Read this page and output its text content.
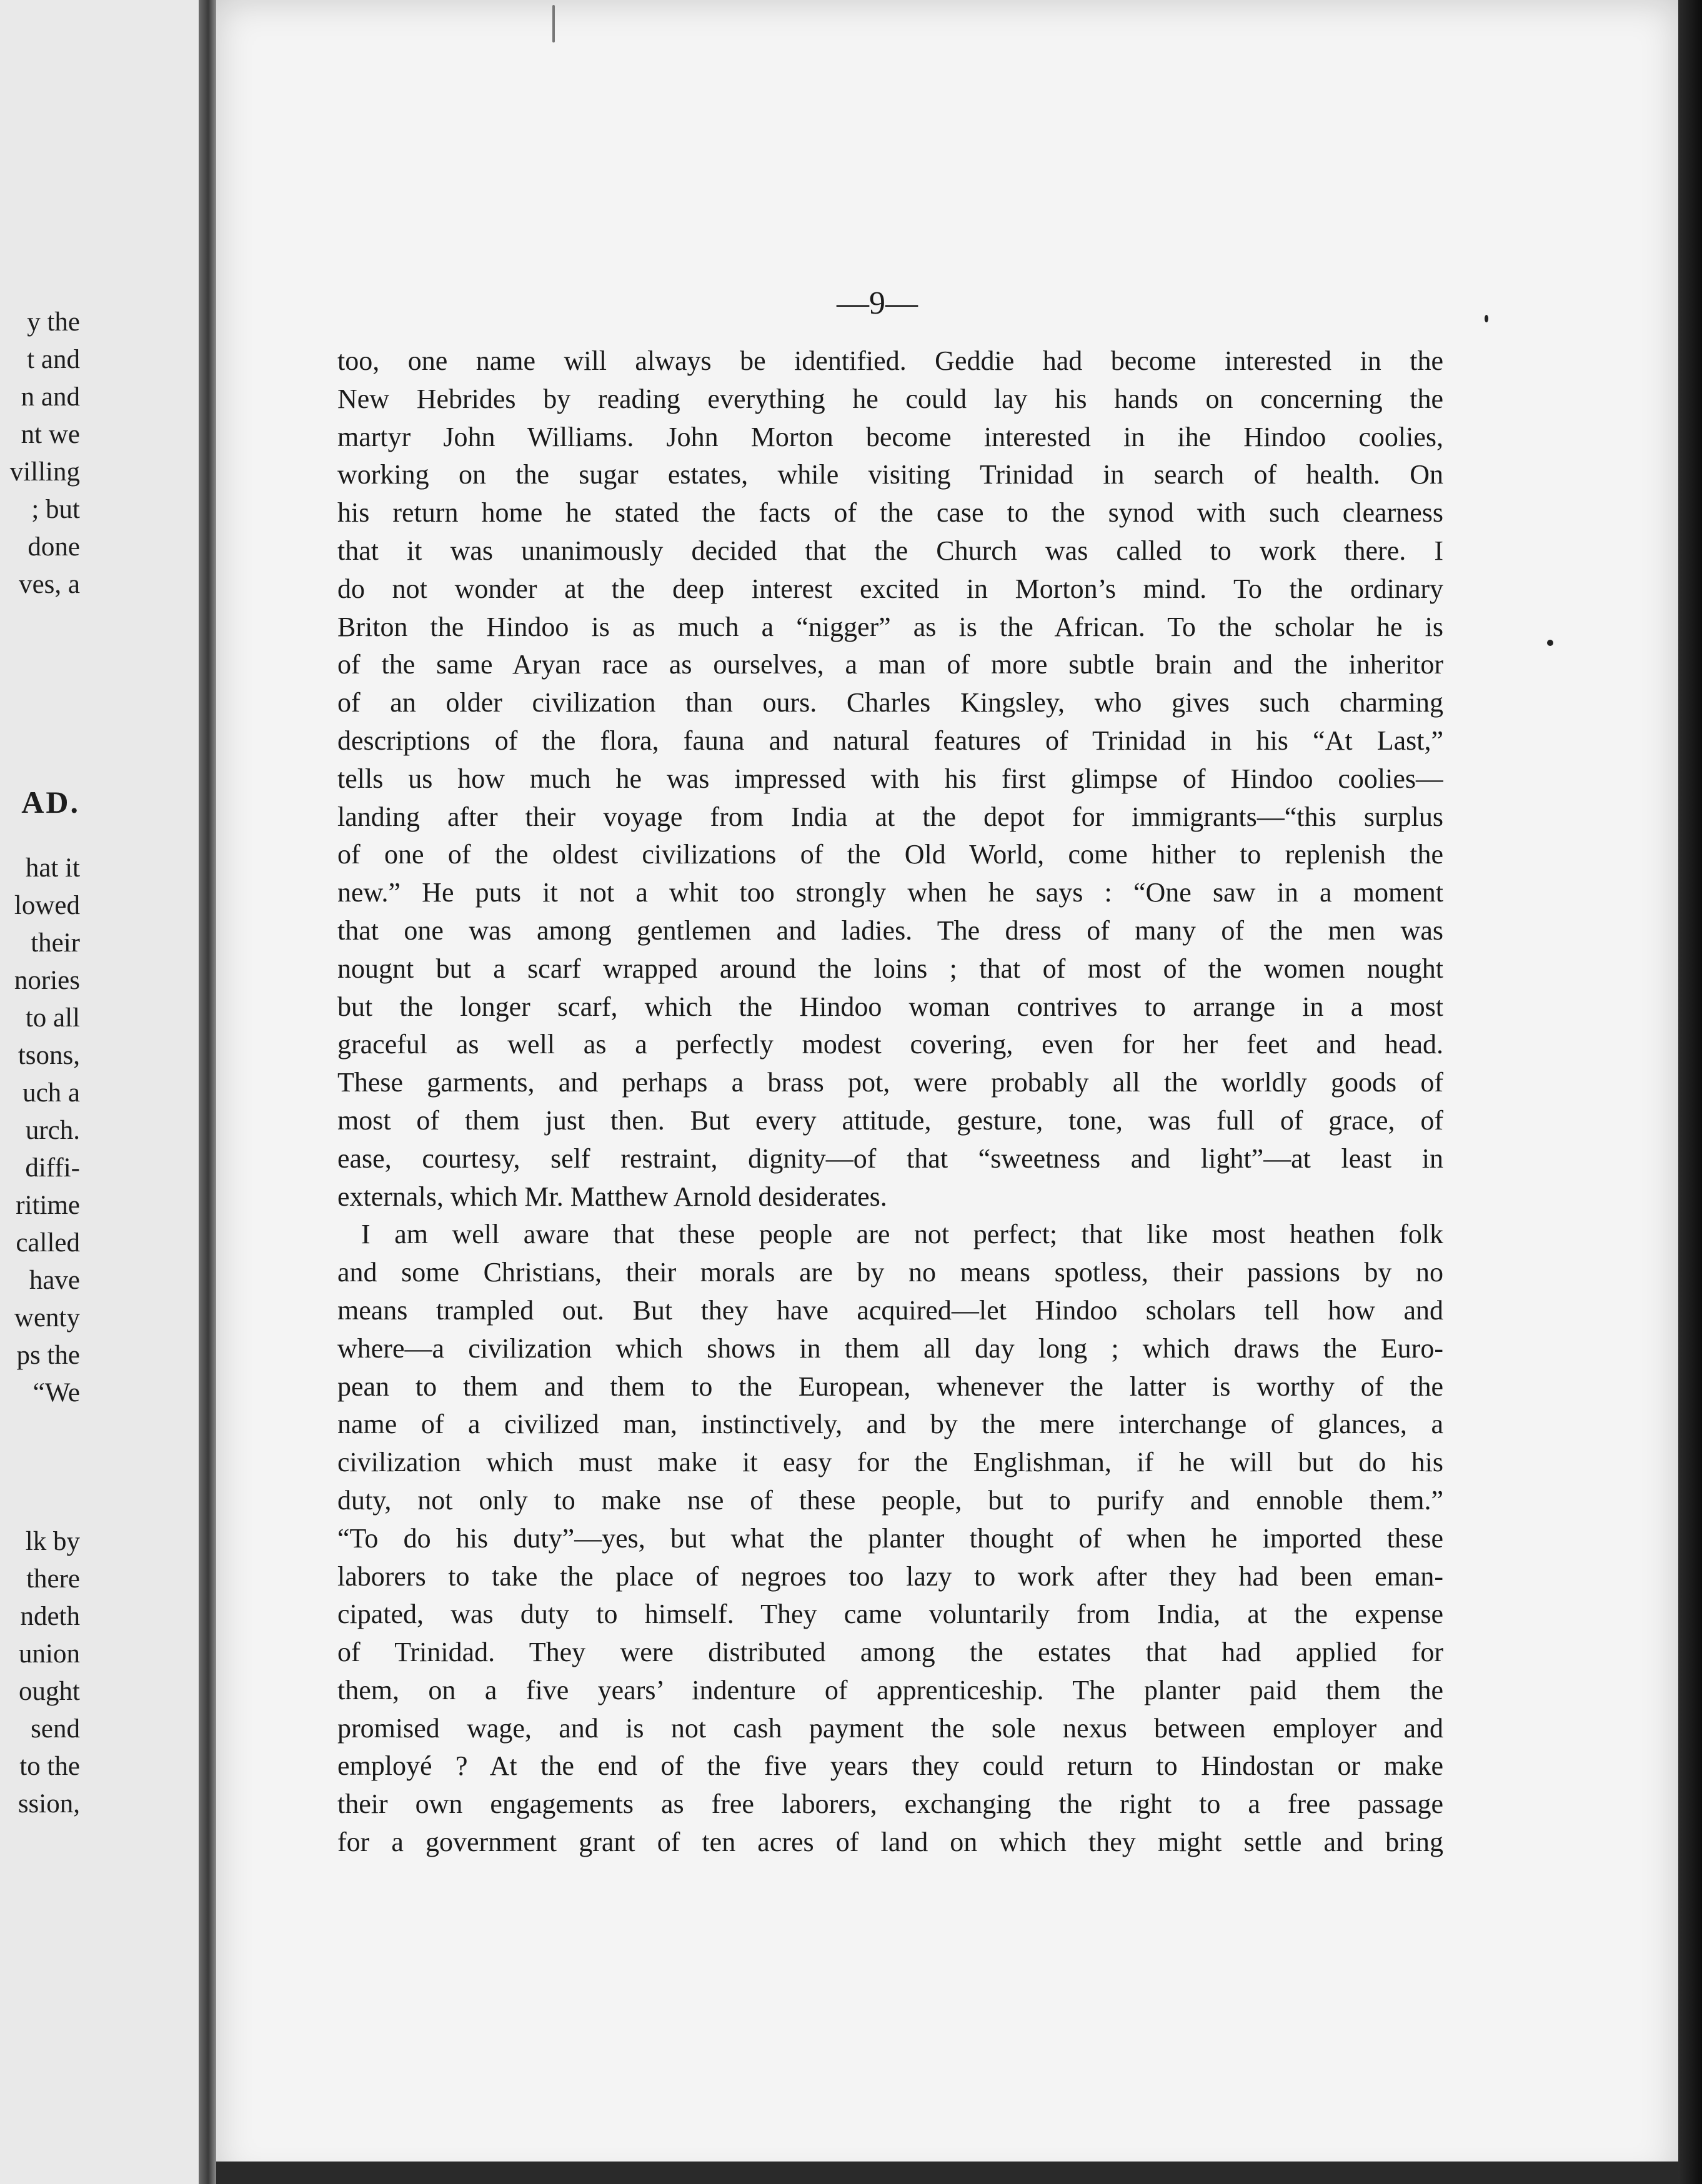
y the
t and
n and
nt we
villing
; but
done
ves, a
AD.
hat it
lowed
their
nories
to all
tsons,
uch a
urch.
diffi-
ritime
called
have
wenty
ps the
“We
lk by
there
ndeth
union
ought
send
to the
ssion,
—9—
too, one name will always be identified. Geddie had become interested in the
New Hebrides by reading everything he could lay his hands on concerning the
martyr John Williams. John Morton become interested in ihe Hindoo coolies,
working on the sugar estates, while visiting Trinidad in search of health. On
his return home he stated the facts of the case to the synod with such clearness
that it was unanimously decided that the Church was called to work there. I
do not wonder at the deep interest excited in Morton’s mind. To the ordinary
Briton the Hindoo is as much a “nigger” as is the African. To the scholar he is
of the same Aryan race as ourselves, a man of more subtle brain and the inheritor
of an older civilization than ours. Charles Kingsley, who gives such charming
descriptions of the flora, fauna and natural features of Trinidad in his “At Last,”
tells us how much he was impressed with his first glimpse of Hindoo coolies—
landing after their voyage from India at the depot for immigrants—“this surplus
of one of the oldest civilizations of the Old World, come hither to replenish the
new.” He puts it not a whit too strongly when he says : “One saw in a moment
that one was among gentlemen and ladies. The dress of many of the men was
nougnt but a scarf wrapped around the loins ; that of most of the women nought
but the longer scarf, which the Hindoo woman contrives to arrange in a most
graceful as well as a perfectly modest covering, even for her feet and head.
These garments, and perhaps a brass pot, were probably all the worldly goods of
most of them just then. But every attitude, gesture, tone, was full of grace, of
ease, courtesy, self restraint, dignity—of that “sweetness and light”—at least in
externals, which Mr. Matthew Arnold desiderates.
I am well aware that these people are not perfect; that like most heathen folk
and some Christians, their morals are by no means spotless, their passions by no
means trampled out. But they have acquired—let Hindoo scholars tell how and
where—a civilization which shows in them all day long ; which draws the Euro-
pean to them and them to the European, whenever the latter is worthy of the
name of a civilized man, instinctively, and by the mere interchange of glances, a
civilization which must make it easy for the Englishman, if he will but do his
duty, not only to make nse of these people, but to purify and ennoble them.”
“To do his duty”—yes, but what the planter thought of when he imported these
laborers to take the place of negroes too lazy to work after they had been eman-
cipated, was duty to himself. They came voluntarily from India, at the expense
of Trinidad. They were distributed among the estates that had applied for
them, on a five years’ indenture of apprenticeship. The planter paid them the
promised wage, and is not cash payment the sole nexus between employer and
employé ? At the end of the five years they could return to Hindostan or make
their own engagements as free laborers, exchanging the right to a free passage
for a government grant of ten acres of land on which they might settle and bring
